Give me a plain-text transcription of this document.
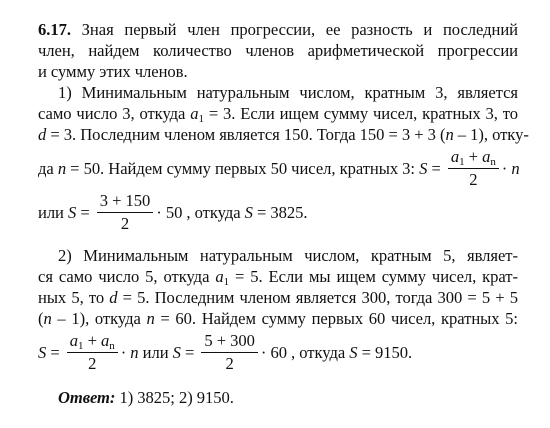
6.17. Зная первый член прогрессии, ее разность и последний
член, найдем количество членов арифметической прогрессии
и сумму этих членов.
1) Минимальным натуральным числом, кратным 3, является
само число 3, откуда $a_1 = 3$. Если ищем сумму чисел, кратных 3, то
d = 3. Последним членом является 150. Тогда 150 = 3 + 3 (n – 1), отку-
да n = 50. Найдем сумму первых 50 чисел, кратных 3: $S = \frac{a_1 + a_n}{2} \cdot n$
или $S = \frac{3 + 150}{2} \cdot 50$ , откуда S = 3825.
2) Минимальным натуральным числом, кратным 5, являет-
ся само число 5, откуда $a_1 = 5$. Если мы ищем сумму чисел, крат-
ных 5, то d = 5. Последним членом является 300, тогда 300 = 5 + 5
(n – 1), откуда n = 60. Найдем сумму первых 60 чисел, кратных 5:
$S = \frac{a_1 + a_n}{2} \cdot n$ или $S = \frac{5 + 300}{2} \cdot 60$ , откуда S = 9150.
Ответ: 1) 3825; 2) 9150.
